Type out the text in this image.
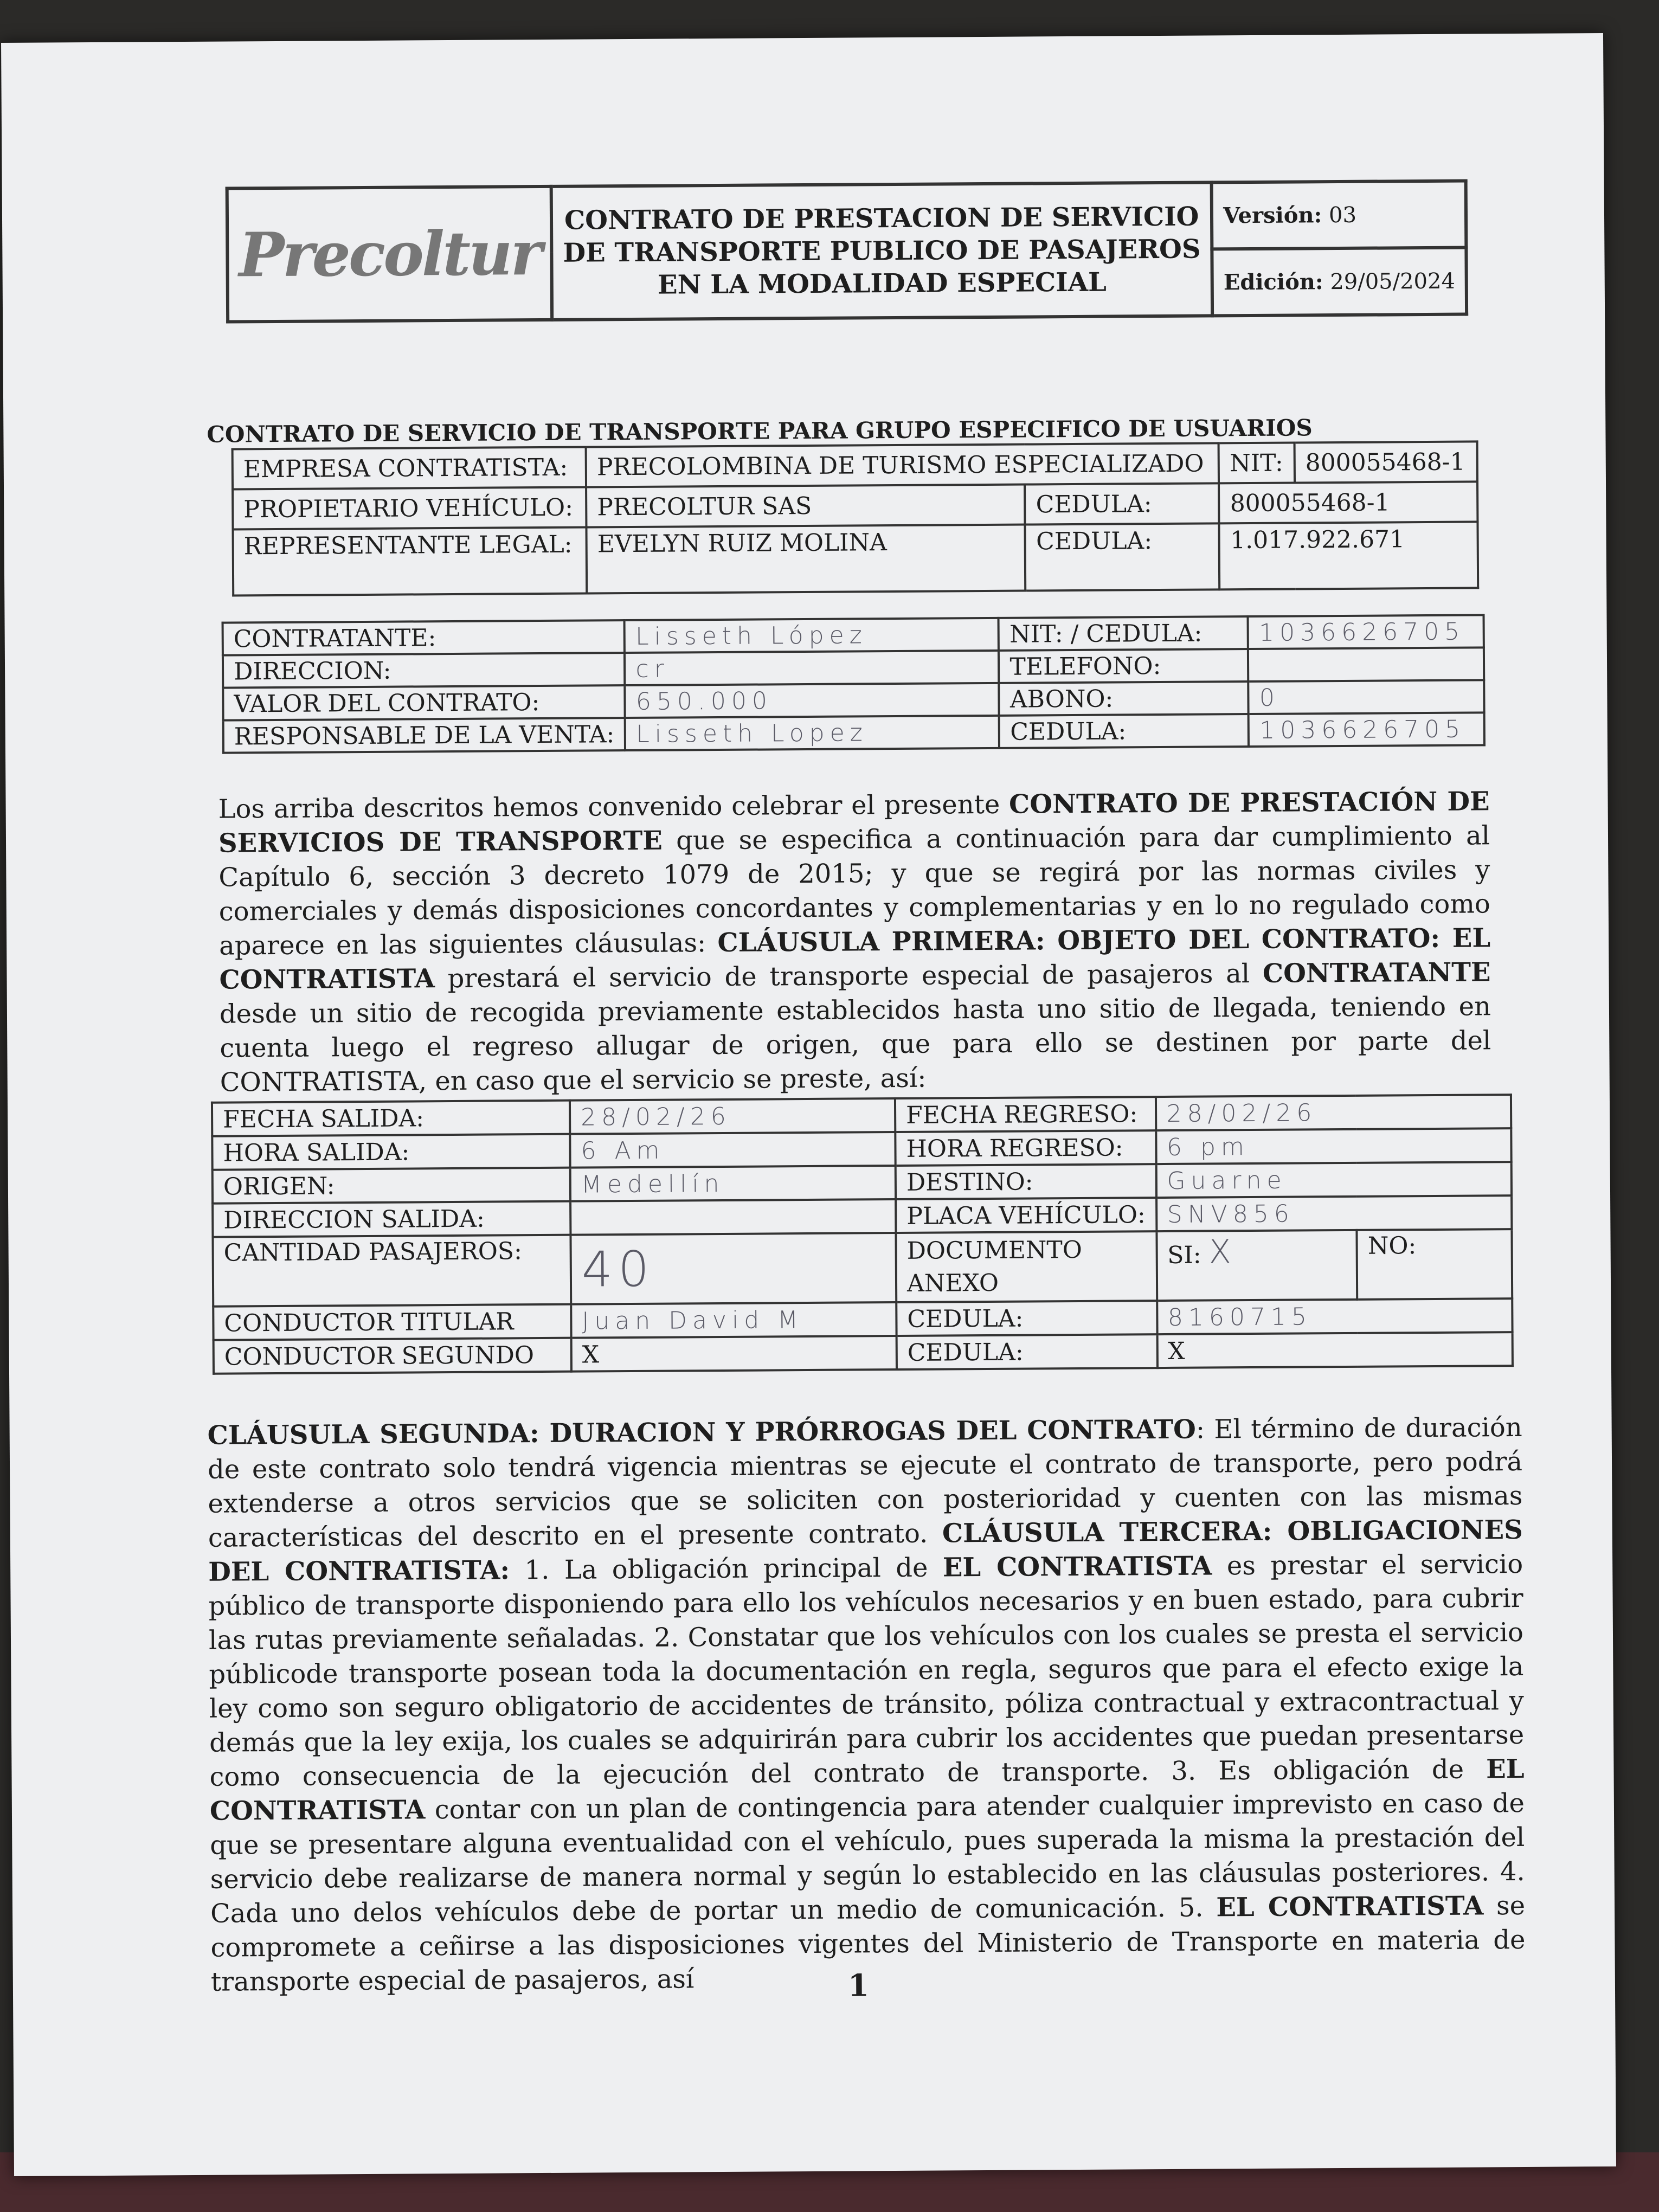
Precoltur	CONTRATO DE PRESTACION DE SERVICIO
DE TRANSPORTE PUBLICO DE PASAJEROS
EN LA MODALIDAD ESPECIAL
	Versión: 03
Edición: 29/05/2024
CONTRATO DE SERVICIO DE TRANSPORTE PARA GRUPO ESPECIFICO DE USUARIOS
EMPRESA CONTRATISTA:	PRECOLOMBINA DE TURISMO ESPECIALIZADO		NIT:	800055468-1
PROPIETARIO VEHÍCULO:	PRECOLTUR SAS	CEDULA:	800055468-1	
REPRESENTANTE LEGAL:	EVELYN RUIZ MOLINA	CEDULA:	1.017.922.671	
CONTRATANTE:	Lisseth López	NIT: / CEDULA:	1036626705
DIRECCION:	cr	TELEFONO:	
VALOR DEL CONTRATO:	650.000	ABONO:	0
RESPONSABLE DE LA VENTA:	Lisseth Lopez	CEDULA:	1036626705
Los arriba descritos hemos convenido celebrar el presente CONTRATO DE PRESTACIÓN DE SERVICIOS DE TRANSPORTE que se especifica a continuación para dar cumplimiento al Capítulo 6, sección 3 decreto 1079 de 2015; y que se regirá por las normas civiles y comerciales y demás disposiciones concordantes y complementarias y en lo no regulado como aparece en las siguientes cláusulas: CLÁUSULA PRIMERA: OBJETO DEL CONTRATO: EL CONTRATISTA prestará el servicio de transporte especial de pasajeros al CONTRATANTE desde un sitio de recogida previamente establecidos hasta uno sitio de llegada, teniendo en cuenta luego el regreso allugar de origen, que para ello se destinen por parte del CONTRATISTA, en caso que el servicio se preste, así:
FECHA SALIDA:	28/02/26	FECHA REGRESO:	28/02/26	
HORA SALIDA:	6 Am	HORA REGRESO:	6 pm	
ORIGEN:	Medellín	DESTINO:	Guarne	
DIRECCION SALIDA:		PLACA VEHÍCULO:	SNV856	
CANTIDAD PASAJEROS:	40	DOCUMENTO ANEXO	SI: X	NO:
CONDUCTOR TITULAR	Juan David M	CEDULA:	8160715	
CONDUCTOR SEGUNDO	X	CEDULA:	X	
CLÁUSULA SEGUNDA: DURACION Y PRÓRROGAS DEL CONTRATO: El término de duración de este contrato solo tendrá vigencia mientras se ejecute el contrato de transporte, pero podrá extenderse a otros servicios que se soliciten con posterioridad y cuenten con las mismas características del descrito en el presente contrato. CLÁUSULA TERCERA: OBLIGACIONES DEL CONTRATISTA: 1. La obligación principal de EL CONTRATISTA es prestar el servicio público de transporte disponiendo para ello los vehículos necesarios y en buen estado, para cubrir las rutas previamente señaladas. 2. Constatar que los vehículos con los cuales se presta el servicio públicode transporte posean toda la documentación en regla, seguros que para el efecto exige la ley como son seguro obligatorio de accidentes de tránsito, póliza contractual y extracontractual y demás que la ley exija, los cuales se adquirirán para cubrir los accidentes que puedan presentarse como consecuencia de la ejecución del contrato de transporte. 3. Es obligación de EL CONTRATISTA contar con un plan de contingencia para atender cualquier imprevisto en caso de que se presentare alguna eventualidad con el vehículo, pues superada la misma la prestación del servicio debe realizarse de manera normal y según lo establecido en las cláusulas posteriores. 4. Cada uno delos vehículos debe de portar un medio de comunicación. 5. EL CONTRATISTA se compromete a ceñirse a las disposiciones vigentes del Ministerio de Transporte en materia de transporte especial de pasajeros, así	1
